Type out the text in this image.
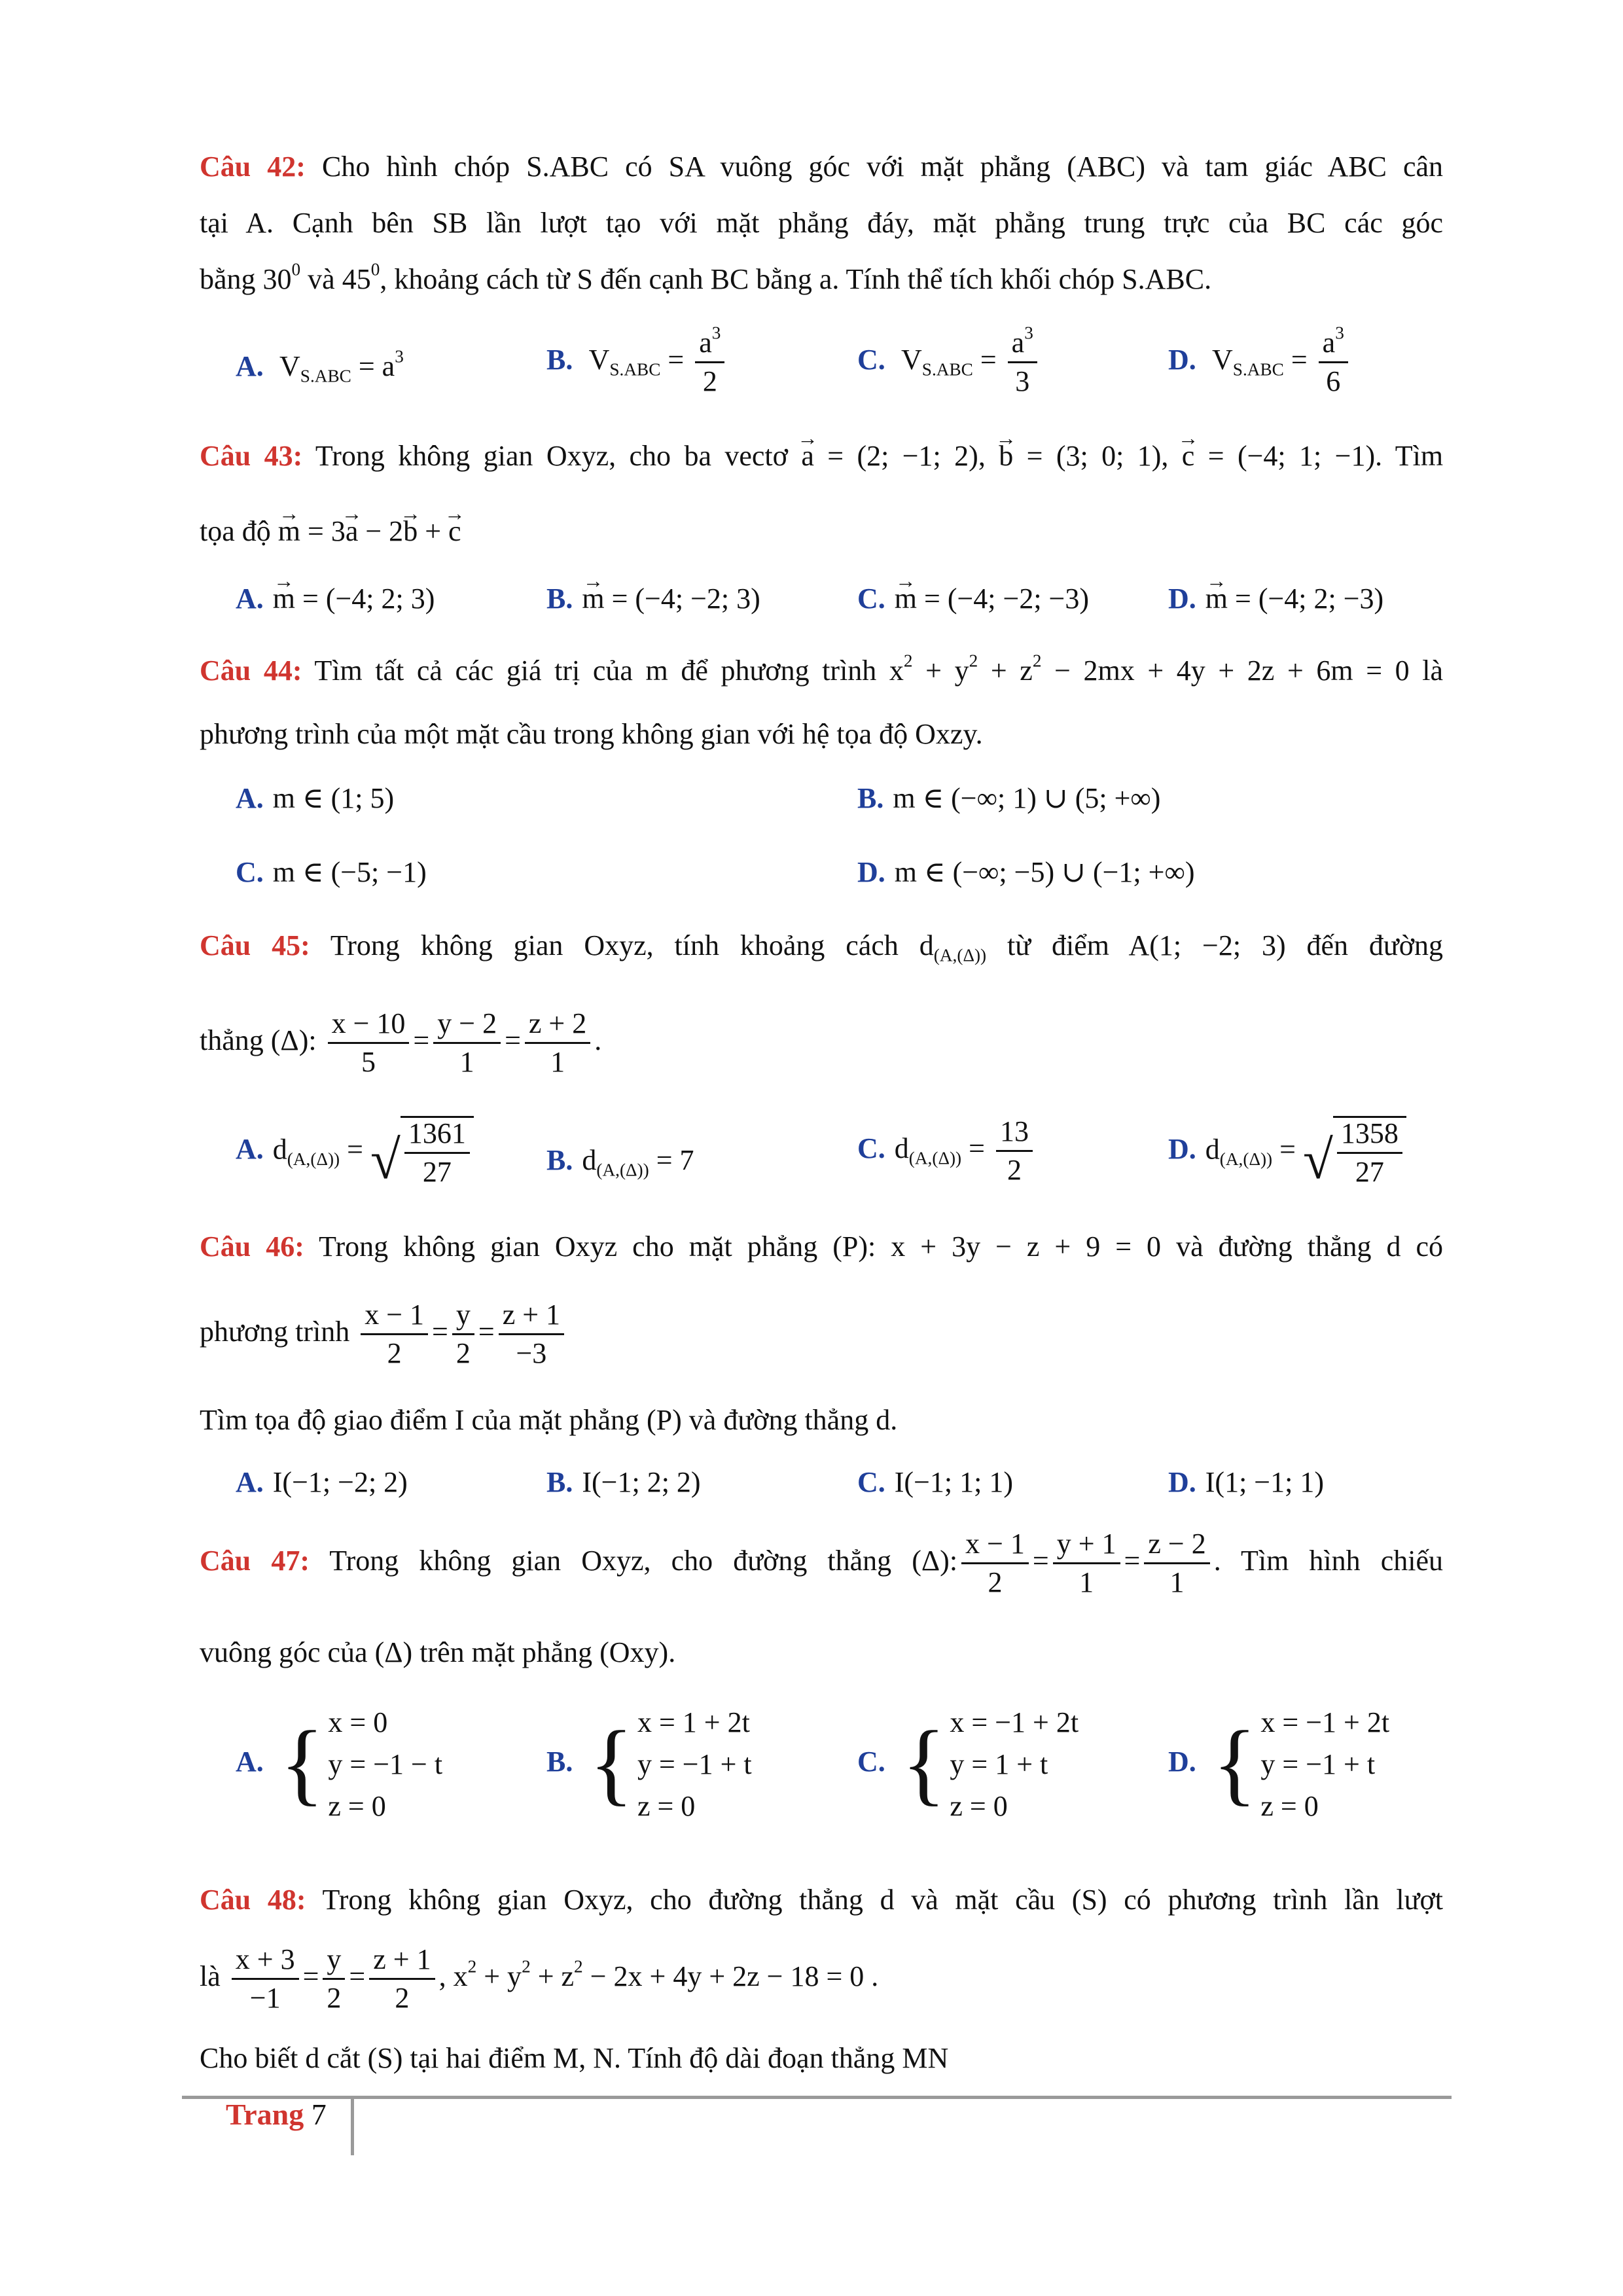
Câu 42: Cho hình chóp S.ABC có SA vuông góc với mặt phẳng (ABC) và tam giác ABC cân
tại A. Cạnh bên SB lần lượt tạo với mặt phẳng đáy, mặt phẳng trung trực của BC các góc
bằng $30^0$ và $45^0$, khoảng cách từ S đến cạnh BC bằng a. Tính thể tích khối chóp S.ABC.
A. $V_{S.ABC} = a^3$	B. $V_{S.ABC} = \frac{a^3}{2}$	C. $V_{S.ABC} = \frac{a^3}{3}$	D. $V_{S.ABC} = \frac{a^3}{6}$
Câu 43: Trong không gian Oxyz, cho ba vectơ → a = (2; −1; 2), → b = (3; 0; 1), → c = (−4; 1; −1). Tìm
tọa độ → m = 3→ a − 2→ b + → c
A. → m = (−4; 2; 3)	B. → m = (−4; −2; 3)	C. → m = (−4; −2; −3)	D. → m = (−4; 2; −3)
Câu 44: Tìm tất cả các giá trị của m để phương trình $x^2 + y^2 + z^2 - 2mx + 4y + 2z + 6m = 0$ là
phương trình của một mặt cầu trong không gian với hệ tọa độ Oxzy.
A. m ∈ (1; 5)	B. m ∈ (−∞; 1) ∪ (5; +∞)
C. m ∈ (−5; −1)	D. m ∈ (−∞; −5) ∪ (−1; +∞)
Câu 45: Trong không gian Oxyz, tính khoảng cách $d_{(A,(\Delta))}$ từ điểm A(1; −2; 3) đến đường
thẳng (Δ): $\frac{x - 10}{5} = \frac{y - 2}{1} = \frac{z + 2}{1}$ .
A. $d_{(A,(\Delta))}$ = √ $\frac{1361}{27}$	B. $d_{(A,(\Delta))} = 7$	C. $d_{(A,(\Delta))} = \frac{13}{2}$	D. $d_{(A,(\Delta))}$ = √ $\frac{1358}{27}$
Câu 46: Trong không gian Oxyz cho mặt phẳng (P): x + 3y − z + 9 = 0 và đường thẳng d có
phương trình $\frac{x - 1}{2} = \frac{y}{2} = \frac{z + 1}{-3}$
Tìm tọa độ giao điểm I của mặt phẳng (P) và đường thẳng d.
A. I(−1; −2; 2)	B. I(−1; 2; 2)	C. I(−1; 1; 1)	D. I(1; −1; 1)
Câu 47: Trong không gian Oxyz, cho đường thẳng (Δ): $\frac{x - 1}{2} = \frac{y + 1}{1} = \frac{z - 2}{1}$ . Tìm hình chiếu
vuông góc của (Δ) trên mặt phẳng (Oxy).
A. { x = 0
y = −1 − t
z = 0
B. { x = 1 + 2t
y = −1 + t
z = 0
C. { x = −1 + 2t
y = 1 + t
z = 0
D. { x = −1 + 2t
y = −1 + t
z = 0
Câu 48: Trong không gian Oxyz, cho đường thẳng d và mặt cầu (S) có phương trình lần lượt
là $\frac{x + 3}{-1} = \frac{y}{2} = \frac{z + 1}{2}$ , $x^2 + y^2 + z^2 - 2x + 4y + 2z - 18 = 0$ .
Cho biết d cắt (S) tại hai điểm M, N. Tính độ dài đoạn thẳng MN
Trang 7
